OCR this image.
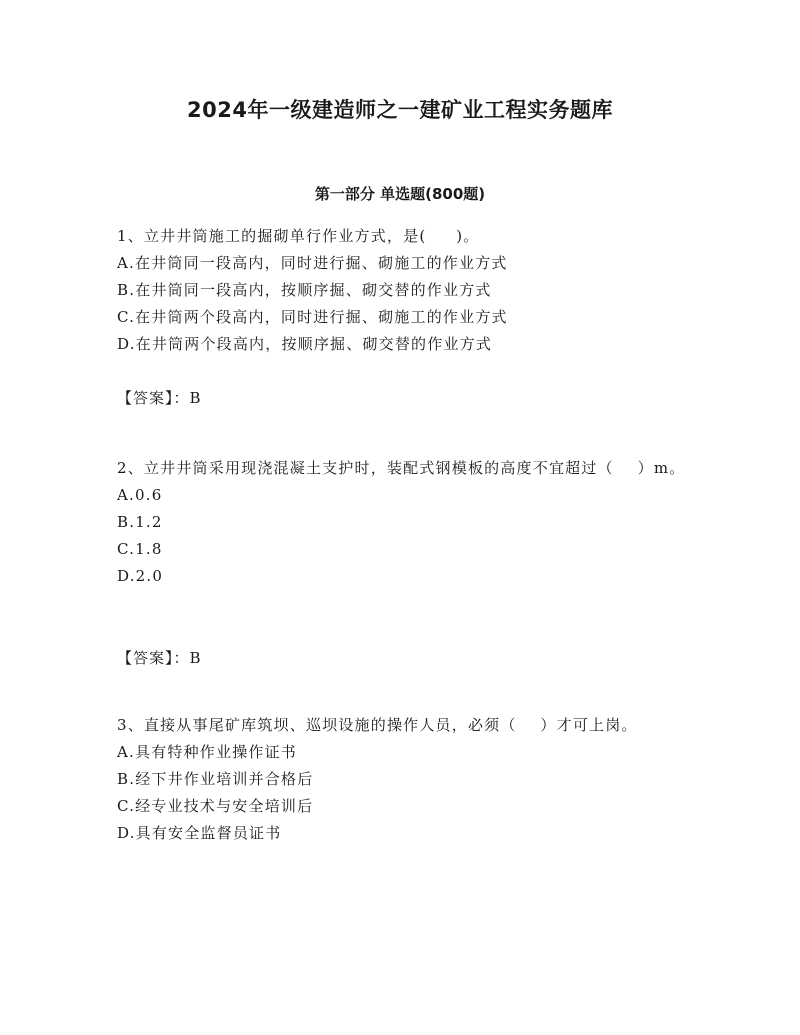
2024年一级建造师之一建矿业工程实务题库
第一部分 单选题(800题)

1、立井井筒施工的掘砌单行作业方式，是(     )。

A.在井筒同一段高内，同时进行掘、砌施工的作业方式

B.在井筒同一段高内，按顺序掘、砌交替的作业方式

C.在井筒两个段高内，同时进行掘、砌施工的作业方式

D.在井筒两个段高内，按顺序掘、砌交替的作业方式

【答案】：B

2、立井井筒采用现浇混凝土支护时，装配式钢模板的高度不宜超过（    ）m。

A.0.6

B.1.2

C.1.8

D.2.0

【答案】：B

3、直接从事尾矿库筑坝、巡坝设施的操作人员，必须（    ）才可上岗。

A.具有特种作业操作证书

B.经下井作业培训并合格后

C.经专业技术与安全培训后

D.具有安全监督员证书
